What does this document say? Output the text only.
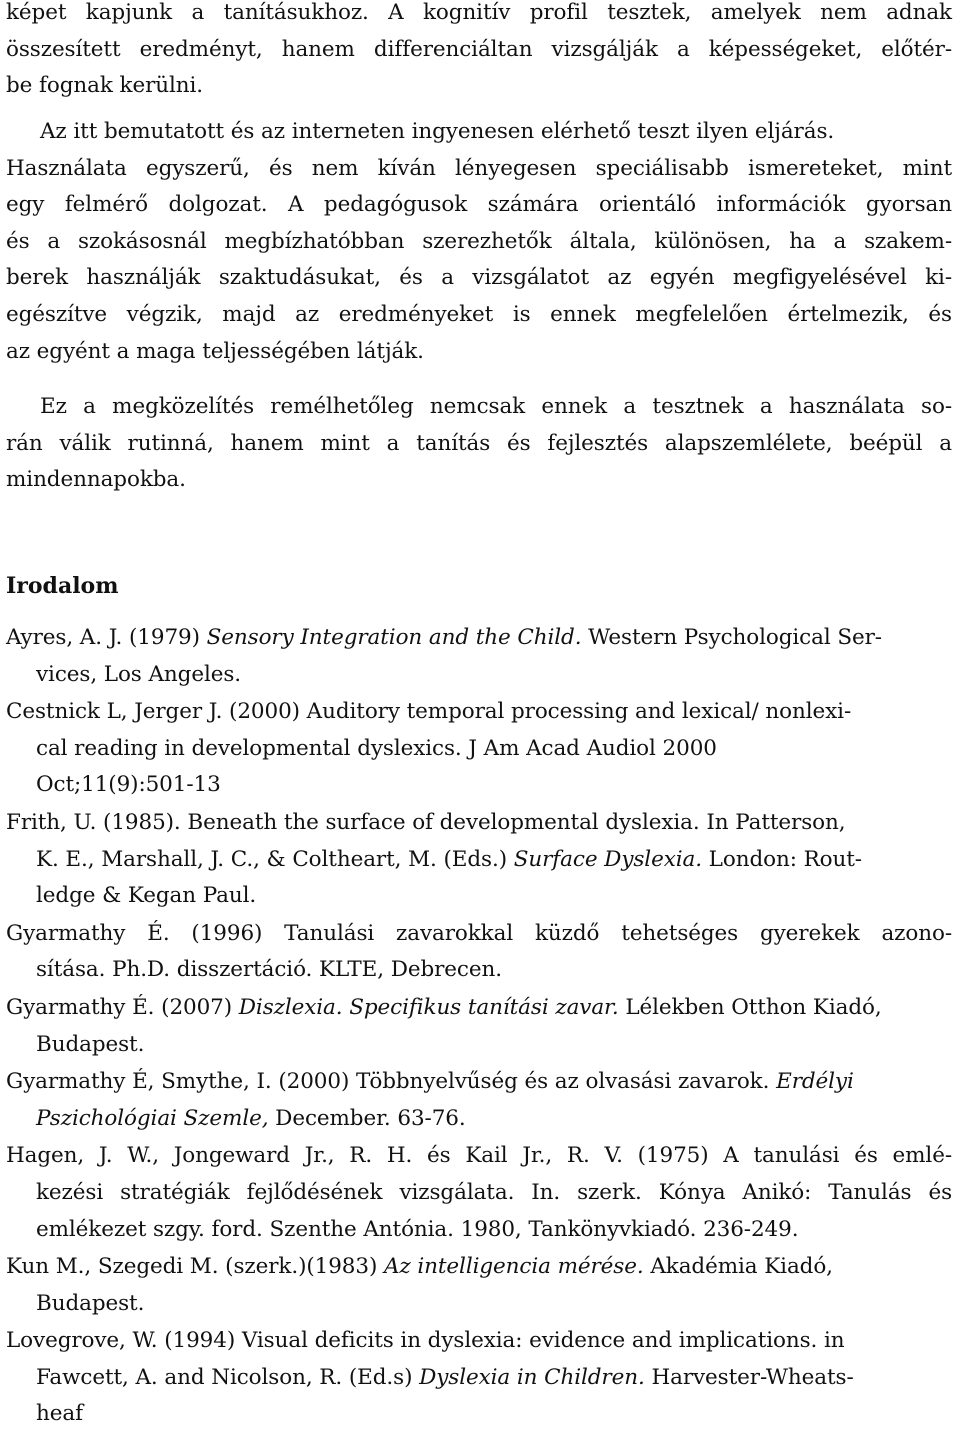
képet kapjunk a tanításukhoz. A kognitív profil tesztek, amelyek nem adnak
összesített eredményt, hanem differenciáltan vizsgálják a képességeket, előtér-
be fognak kerülni.
Az itt bemutatott és az interneten ingyenesen elérhető teszt ilyen eljárás.
Használata egyszerű, és nem kíván lényegesen speciálisabb ismereteket, mint
egy felmérő dolgozat. A pedagógusok számára orientáló információk gyorsan
és a szokásosnál megbízhatóbban szerezhetők általa, különösen, ha a szakem-
berek használják szaktudásukat, és a vizsgálatot az egyén megfigyelésével ki-
egészítve végzik, majd az eredményeket is ennek megfelelően értelmezik, és
az egyént a maga teljességében látják.
Ez a megközelítés remélhetőleg nemcsak ennek a tesztnek a használata so-
rán válik rutinná, hanem mint a tanítás és fejlesztés alapszemlélete, beépül a
mindennapokba.
Irodalom

Ayres, A. J. (1979) Sensory Integration and the Child. Western Psychological Ser-
vices, Los Angeles.

Cestnick L, Jerger J. (2000) Auditory temporal processing and lexical/ nonlexi-
cal reading in developmental dyslexics. J Am Acad Audiol 2000
Oct;11(9):501-13

Frith, U. (1985). Beneath the surface of developmental dyslexia. In Patterson,
K. E., Marshall, J. C., & Coltheart, M. (Eds.) Surface Dyslexia. London: Rout-
ledge & Kegan Paul.

Gyarmathy É. (1996) Tanulási zavarokkal küzdő tehetséges gyerekek azono-
sítása. Ph.D. disszertáció. KLTE, Debrecen.

Gyarmathy É. (2007) Diszlexia. Specifikus tanítási zavar. Lélekben Otthon Kiadó,
Budapest.

Gyarmathy É, Smythe, I. (2000) Többnyelvűség és az olvasási zavarok. Erdélyi
Pszichológiai Szemle, December. 63-76.

Hagen, J. W., Jongeward Jr., R. H. és Kail Jr., R. V. (1975) A tanulási és emlé-
kezési stratégiák fejlődésének vizsgálata. In. szerk. Kónya Anikó: Tanulás és
emlékezet szgy. ford. Szenthe Antónia. 1980, Tankönyvkiadó. 236-249.

Kun M., Szegedi M. (szerk.)(1983) Az intelligencia mérése. Akadémia Kiadó,
Budapest.

Lovegrove, W. (1994) Visual deficits in dyslexia: evidence and implications. in
Fawcett, A. and Nicolson, R. (Ed.s) Dyslexia in Children. Harvester-Wheats-
heaf
